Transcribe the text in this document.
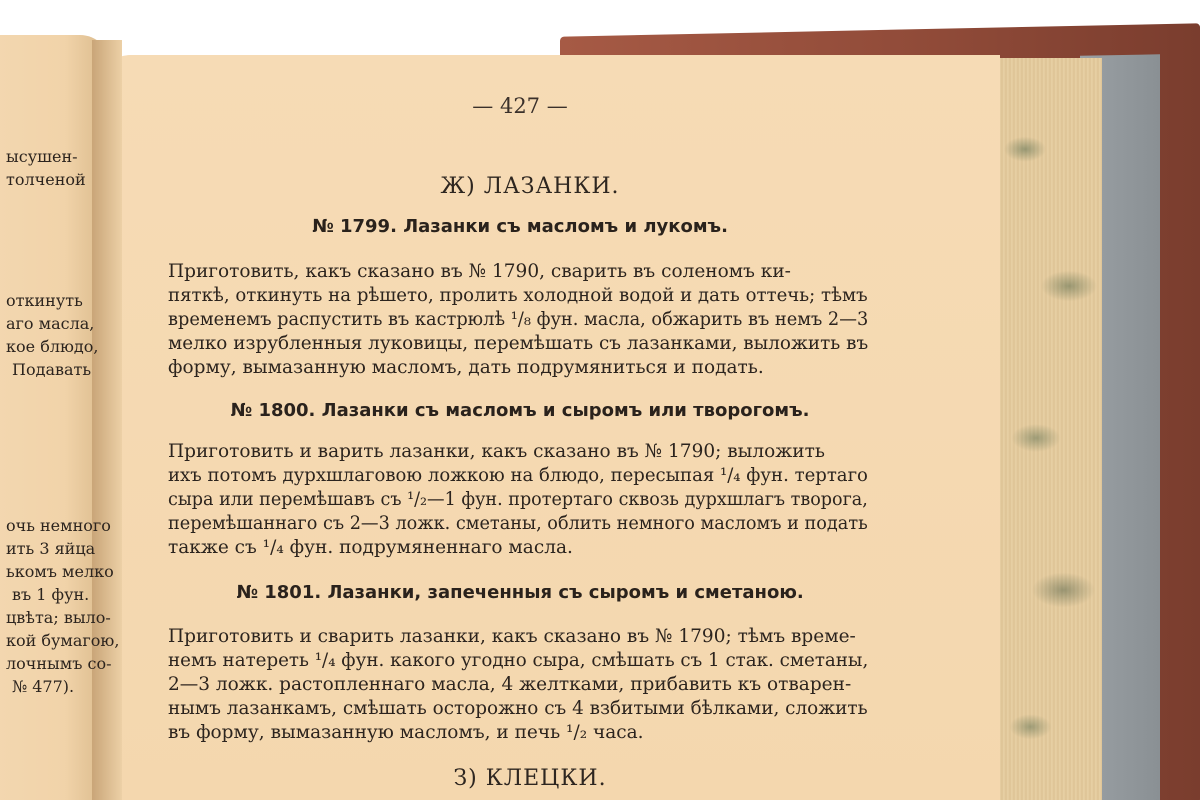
ысушен-
толченой
откинуть
аго масла,
кое блюдо,
Подавать
очь немного
ить 3 яйца
ькомъ мелко
въ 1 фун.
цвѣта; выло-
кой бумагою,
лочнымъ со-
№ 477).
— 427 —
Ж) ЛАЗАНКИ.
№ 1799. Лазанки съ масломъ и лукомъ.
Приготовить, какъ сказано въ № 1790, сварить въ соленомъ ки-
пяткѣ, откинуть на рѣшето, пролить холодной водой и дать оттечь; тѣмъ
временемъ распустить въ кастрюлѣ ¹/₈ фун. масла, обжарить въ немъ 2—3
мелко изрубленныя луковицы, перемѣшать съ лазанками, выложить въ
форму, вымазанную масломъ, дать подрумяниться и подать.
№ 1800. Лазанки съ масломъ и сыромъ или творогомъ.
Приготовить и варить лазанки, какъ сказано въ № 1790; выложить
ихъ потомъ дурхшлаговою ложкою на блюдо, пересыпая ¹/₄ фун. тертаго
сыра или перемѣшавъ съ ¹/₂—1 фун. протертаго сквозь дурхшлагъ творога,
перемѣшаннаго съ 2—3 ложк. сметаны, облить немного масломъ и подать
также съ ¹/₄ фун. подрумяненнаго масла.
№ 1801. Лазанки, запеченныя съ сыромъ и сметаною.
Приготовить и сварить лазанки, какъ сказано въ № 1790; тѣмъ време-
немъ натереть ¹/₄ фун. какого угодно сыра, смѣшать съ 1 стак. сметаны,
2—3 ложк. растопленнаго масла, 4 желтками, прибавить къ отварен-
нымъ лазанкамъ, смѣшать осторожно съ 4 взбитыми бѣлками, сложить
въ форму, вымазанную масломъ, и печь ¹/₂ часа.
З) КЛЕЦКИ.
